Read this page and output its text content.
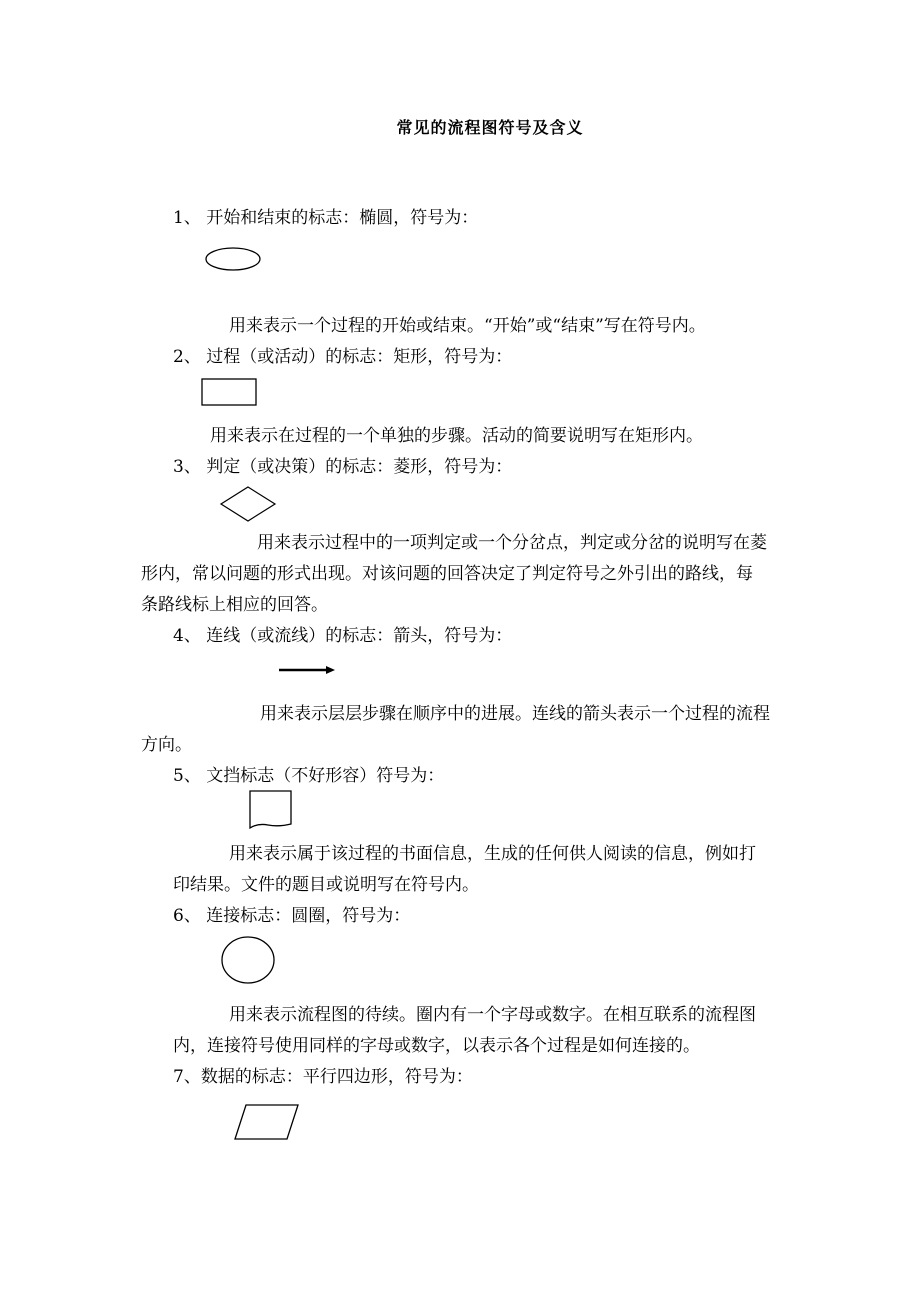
常见的流程图符号及含义
1、 开始和结束的标志：椭圆，符号为：
用来表示一个过程的开始或结束。“开始”或“结束”写在符号内。
2、 过程（或活动）的标志：矩形，符号为：
用来表示在过程的一个单独的步骤。活动的简要说明写在矩形内。
3、 判定（或决策）的标志：菱形，符号为：
用来表示过程中的一项判定或一个分岔点，判定或分岔的说明写在菱
形内，常以问题的形式出现。对该问题的回答决定了判定符号之外引出的路线，每
条路线标上相应的回答。
4、 连线（或流线）的标志：箭头，符号为：
用来表示层层步骤在顺序中的进展。连线的箭头表示一个过程的流程
方向。
5、 文挡标志（不好形容）符号为：
用来表示属于该过程的书面信息，生成的任何供人阅读的信息，例如打
印结果。文件的题目或说明写在符号内。
6、 连接标志：圆圈，符号为：
用来表示流程图的待续。圈内有一个字母或数字。在相互联系的流程图
内，连接符号使用同样的字母或数字，以表示各个过程是如何连接的。
7、数据的标志：平行四边形，符号为：
